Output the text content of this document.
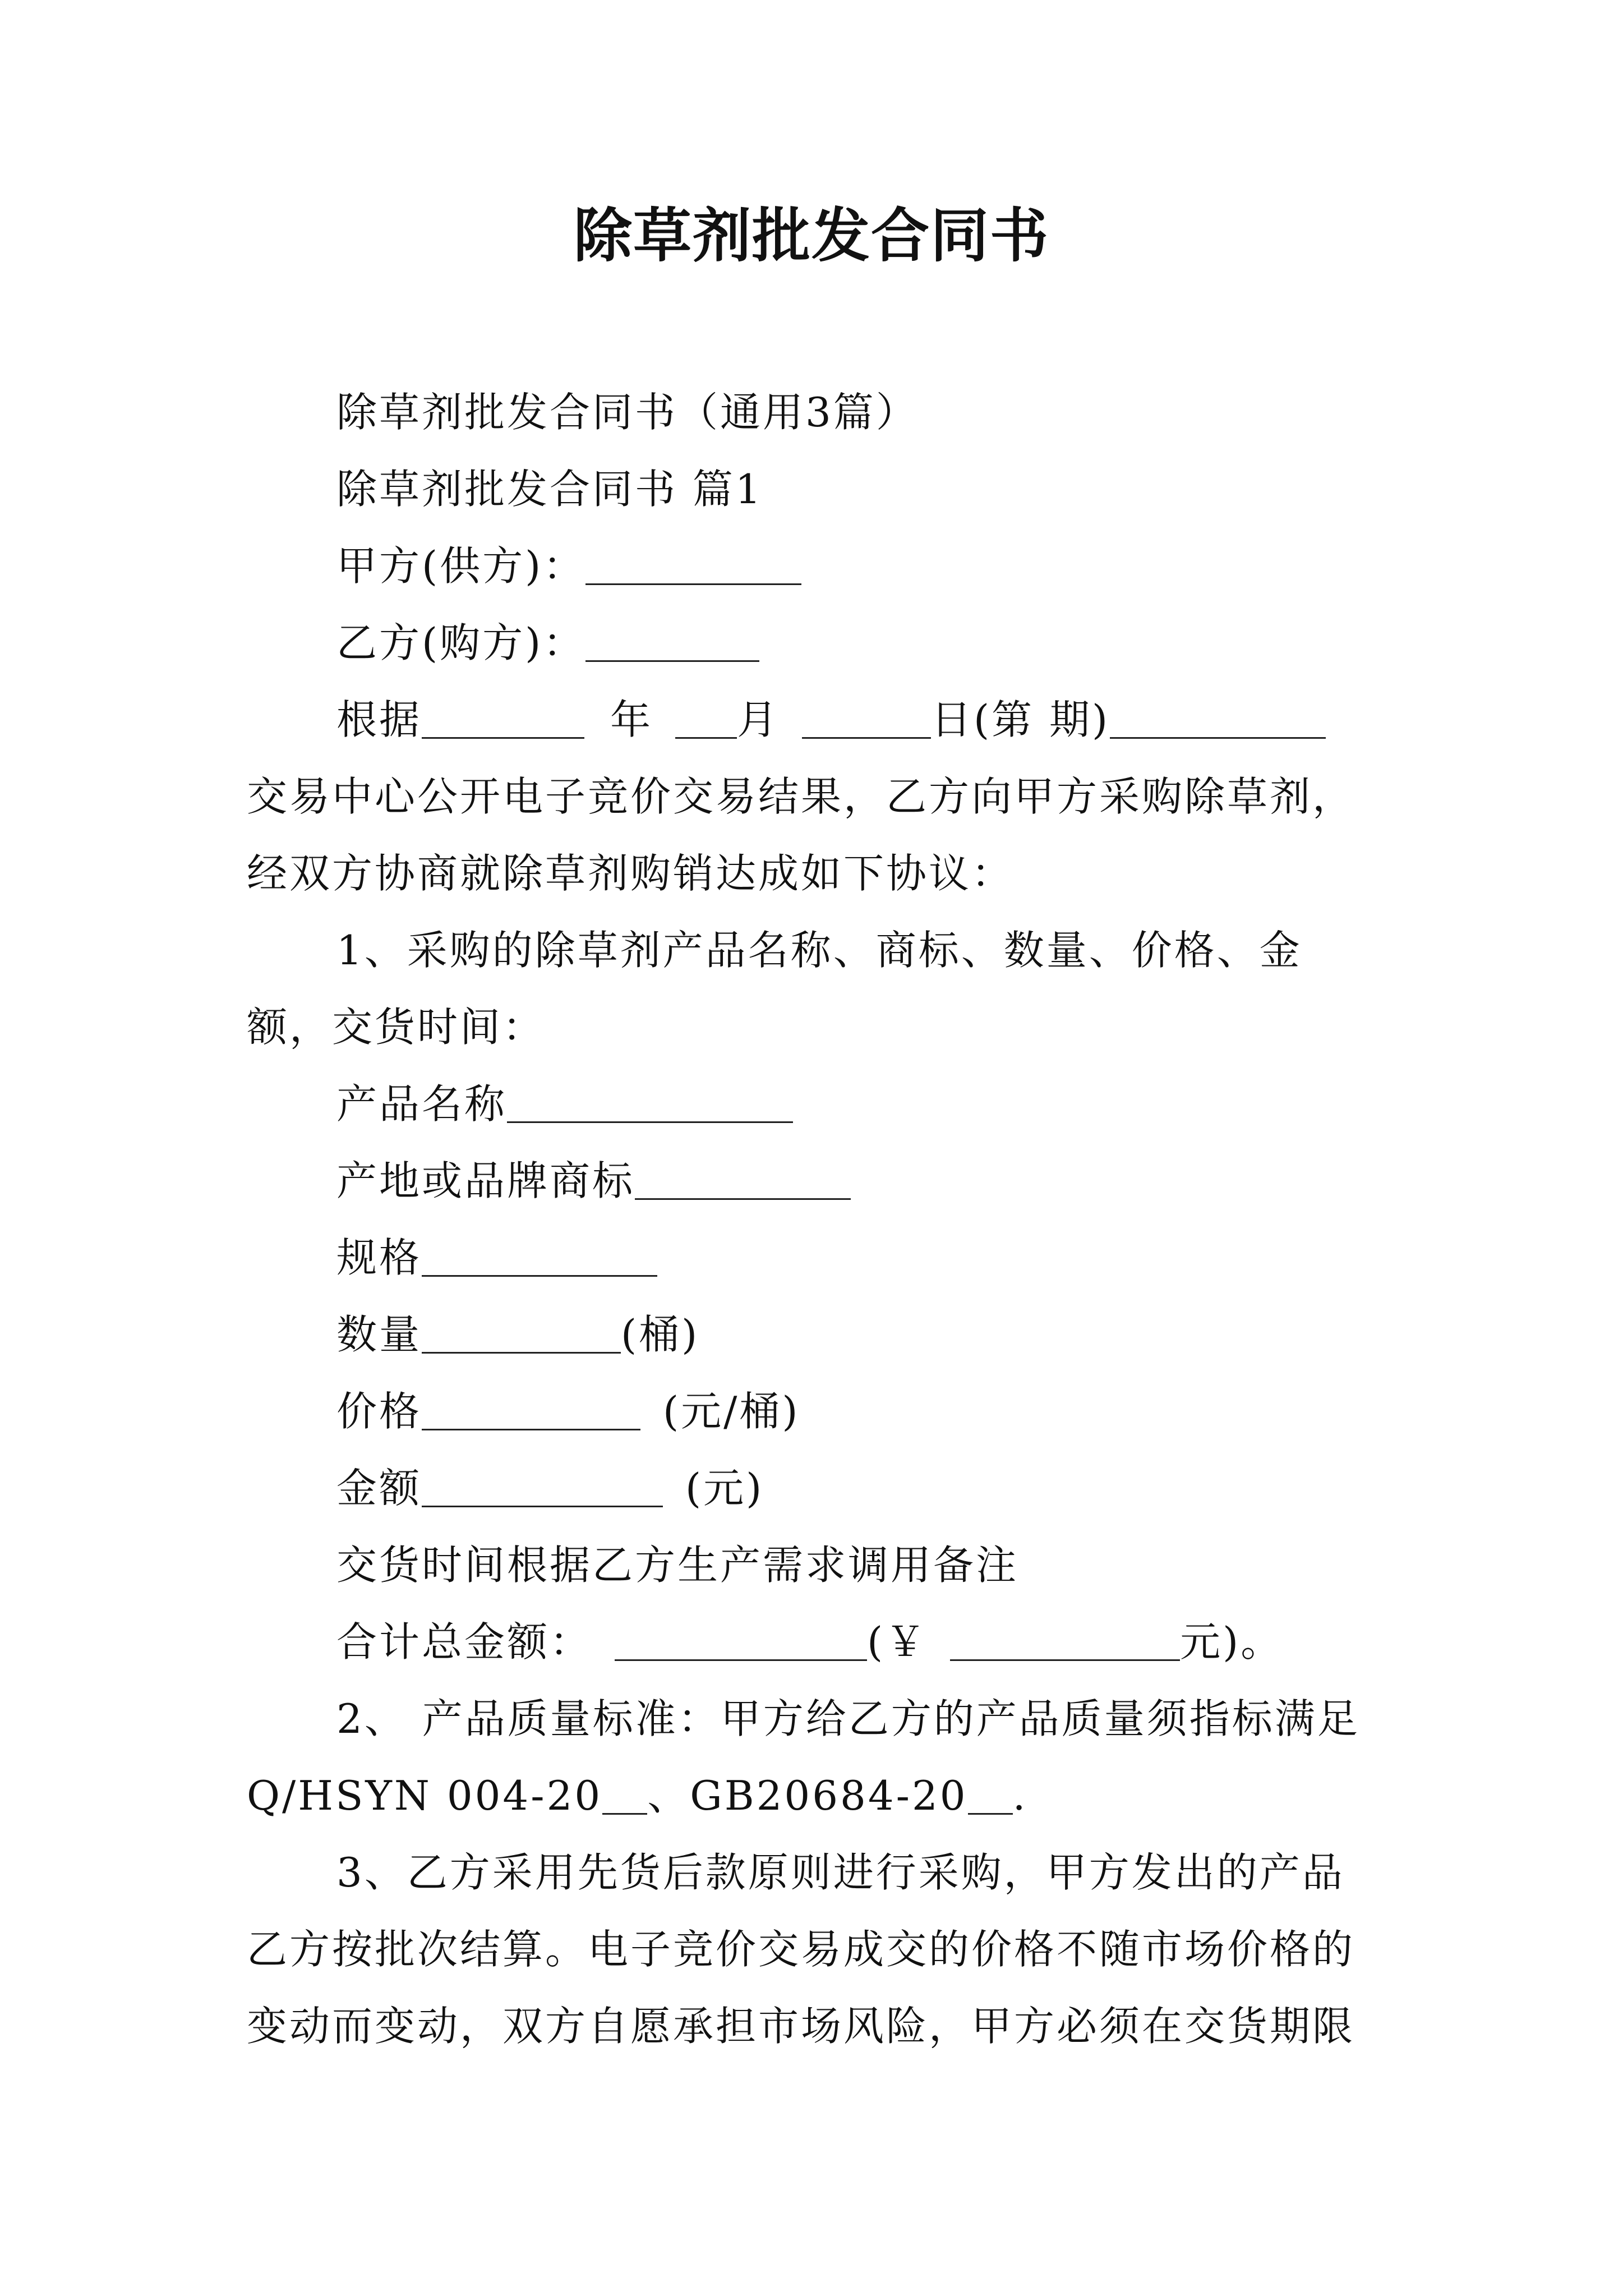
除草剂批发合同书

除草剂批发合同书（通用3篇）

除草剂批发合同书 篇1

甲方(供方)：

乙方(购方)：

根据	年 月	日(第 期)

交易中心公开电子竞价交易结果，乙方向甲方采购除草剂，经双方协商就除草剂购销达成如下协议：

1、采购的除草剂产品名称、商标、数量、价格、金额，交货时间：

产品名称

产地或品牌商标

规格

数量	(桶)

价格	(元/桶)

金额	(元)

交货时间根据乙方生产需求调用备注

合计总金额：	(￥	元)。

2、 产品质量标准：甲方给乙方的产品质量须指标满足

Q/HSYN 004-20 、GB20684-20 .

3、乙方采用先货后款原则进行采购，甲方发出的产品乙方按批次结算。电子竞价交易成交的价格不随市场价格的变动而变动，双方自愿承担市场风险，甲方必须在交货期限
